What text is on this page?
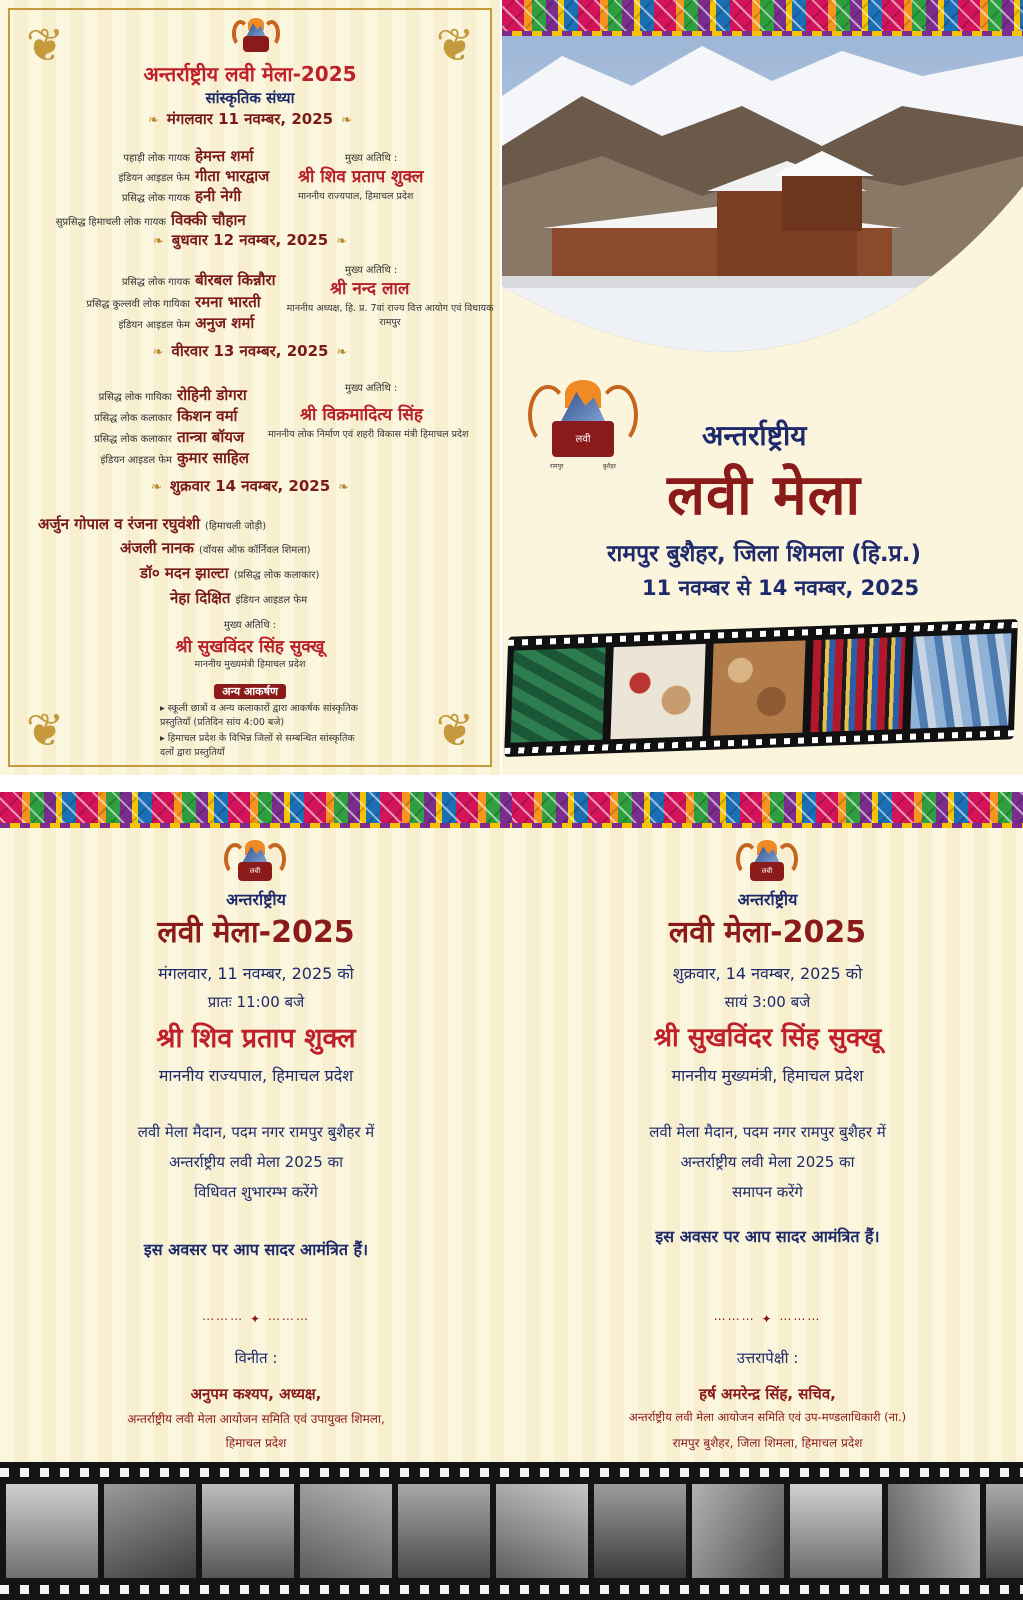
❦	❦
❦	❦
अन्तर्राष्ट्रीय लवी मेला-2025
सांस्कृतिक संध्या
❧ मंगलवार 11 नवम्बर, 2025 ❧
पहाड़ी लोक गायक हेमन्त शर्मा
इंडियन आइडल फेम गीता भारद्वाज
प्रसिद्ध लोक गायक हनी नेगी
सुप्रसिद्ध हिमाचली लोक गायक विक्की चौहान
मुख्य अतिथि :
श्री शिव प्रताप शुक्ल
माननीय राज्यपाल, हिमाचल प्रदेश
❧ बुधवार 12 नवम्बर, 2025 ❧
प्रसिद्ध लोक गायक बीरबल किन्नौरा
प्रसिद्ध कुल्लवी लोक गायिका रमना भारती
इंडियन आइडल फेम अनुज शर्मा
मुख्य अतिथि :
श्री नन्द लाल
माननीय अध्यक्ष, हि. प्र. 7वां राज्य वित्त आयोग एवं विधायक रामपुर
❧ वीरवार 13 नवम्बर, 2025 ❧
प्रसिद्ध लोक गायिका रोहिनी डोगरा
प्रसिद्ध लोक कलाकार किशन वर्मा
प्रसिद्ध लोक कलाकार तान्त्रा बॉयज
इंडियन आइडल फेम कुमार साहिल
मुख्य अतिथि :
श्री विक्रमादित्य सिंह
माननीय लोक निर्माण एवं शहरी विकास मंत्री हिमाचल प्रदेश
❧ शुक्रवार 14 नवम्बर, 2025 ❧
अर्जुन गोपाल व रंजना रघुवंशी (हिमाचली जोड़ी)
अंजली नानक (वॉयस ऑफ कॉर्निवल शिमला)
डॉ० मदन झाल्टा (प्रसिद्ध लोक कलाकार)
नेहा दिक्षित इंडियन आइडल फेम
मुख्य अतिथि :
श्री सुखविंदर सिंह सुक्खू
माननीय मुख्यमंत्री हिमाचल प्रदेश
अन्य आकर्षण
▸ स्कूली छात्रों व अन्य कलाकारों द्वारा आकर्षक सांस्कृतिक प्रस्तुतियाँ (प्रतिदिन सांय 4:00 बजे)
▸ हिमाचल प्रदेश के विभिन्न जिलों से सम्बन्धित सांस्कृतिक दलों द्वारा प्रस्तुतियाँ
लवी
रामपुर	बुशैहर
अन्तर्राष्ट्रीय
लवी मेला
रामपुर बुशैहर, जिला शिमला (हि.प्र.)
11 नवम्बर से 14 नवम्बर, 2025
लवी
अन्तर्राष्ट्रीय
लवी मेला-2025
मंगलवार, 11 नवम्बर, 2025 को
प्रातः 11:00 बजे
श्री शिव प्रताप शुक्ल
माननीय राज्यपाल, हिमाचल प्रदेश
लवी मेला मैदान, पदम नगर रामपुर बुशैहर में
अन्तर्राष्ट्रीय लवी मेला 2025 का
विधिवत शुभारम्भ करेंगे
इस अवसर पर आप सादर आमंत्रित हैं।
⋯⋯⋯ ✦ ⋯⋯⋯
विनीत :
अनुपम कश्यप, अध्यक्ष,
अन्तर्राष्ट्रीय लवी मेला आयोजन समिति एवं उपायुक्त शिमला,
हिमाचल प्रदेश
लवी
अन्तर्राष्ट्रीय
लवी मेला-2025
शुक्रवार, 14 नवम्बर, 2025 को
सायं 3:00 बजे
श्री सुखविंदर सिंह सुक्खू
माननीय मुख्यमंत्री, हिमाचल प्रदेश
लवी मेला मैदान, पदम नगर रामपुर बुशैहर में
अन्तर्राष्ट्रीय लवी मेला 2025 का
समापन करेंगे
इस अवसर पर आप सादर आमंत्रित हैं।
⋯⋯⋯ ✦ ⋯⋯⋯
उत्तरापेक्षी :
हर्ष अमरेन्द्र सिंह, सचिव,
अन्तर्राष्ट्रीय लवी मेला आयोजन समिति एवं उप-मण्डलाधिकारी (ना.)
रामपुर बुशैहर, जिला शिमला, हिमाचल प्रदेश
